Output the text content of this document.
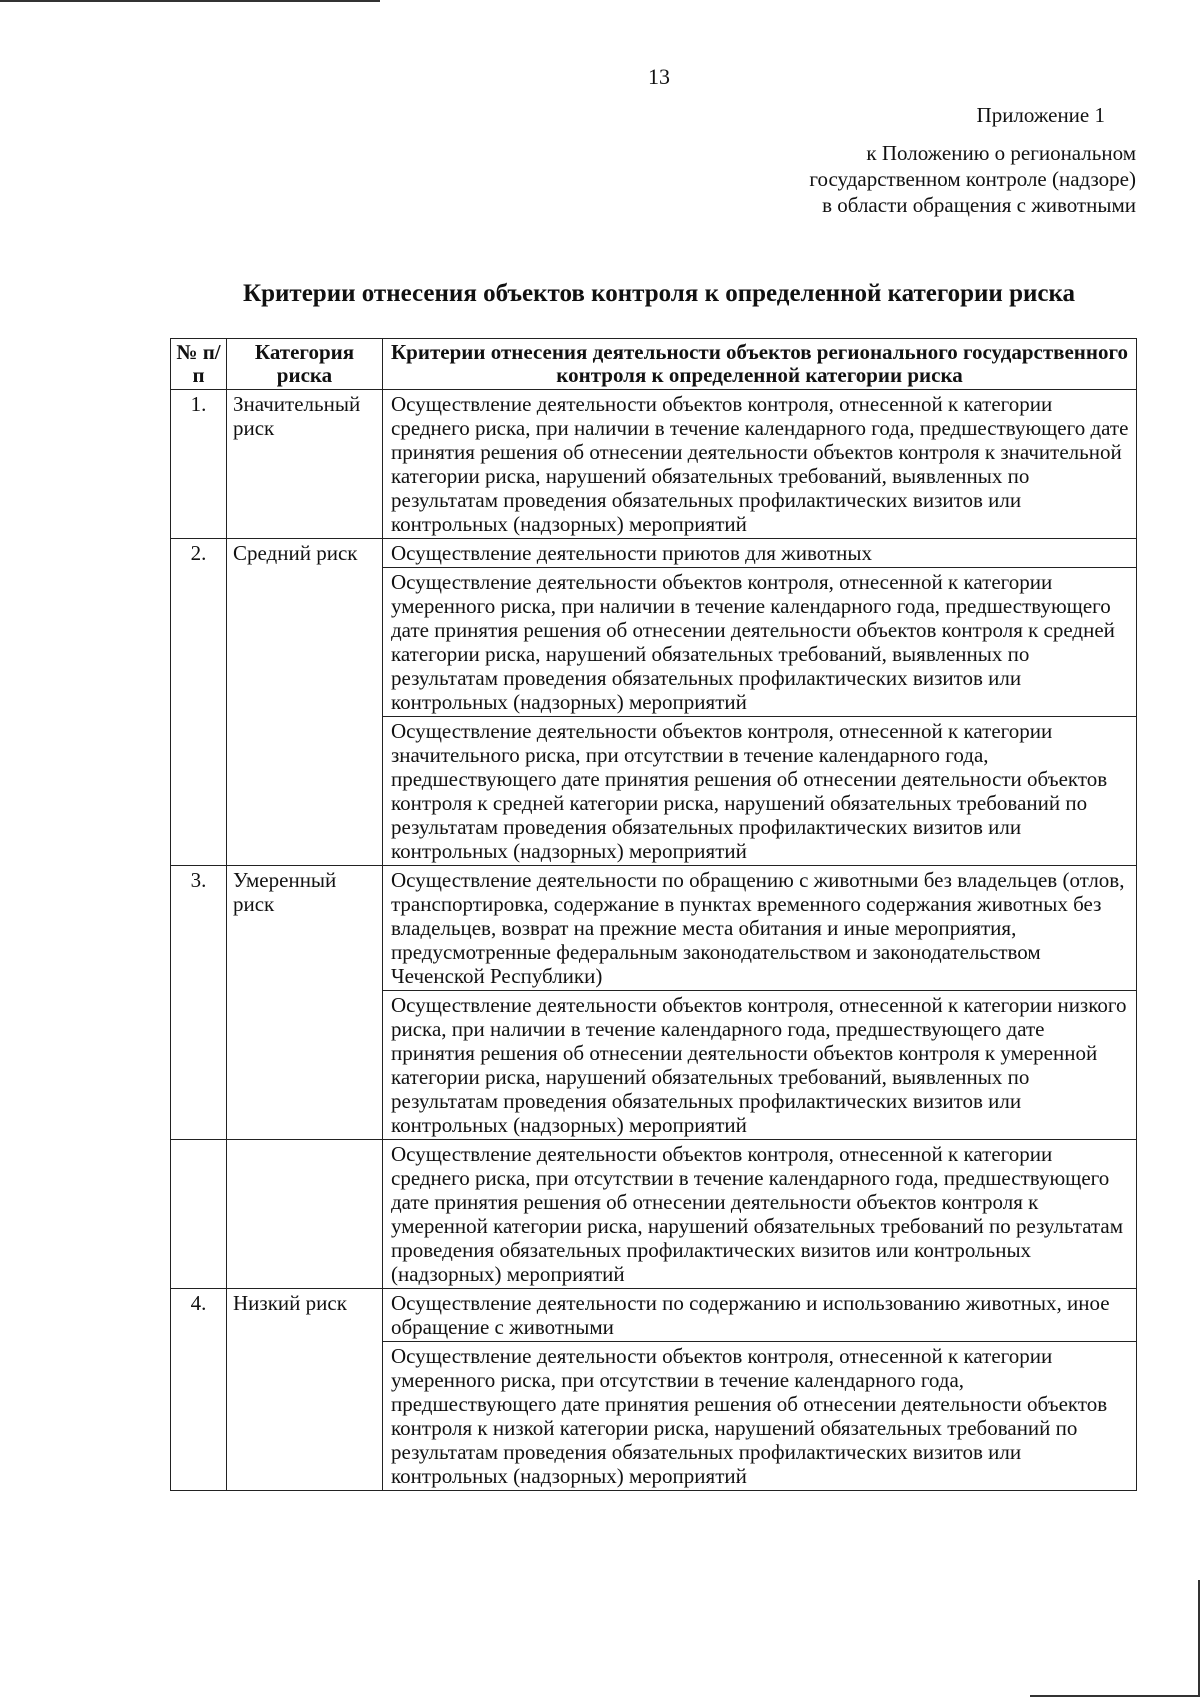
13
Приложение 1
к Положению о региональном
государственном контроле (надзоре)
в области обращения с животными
Критерии отнесения объектов контроля к определенной категории риска
№ п/п	Категория риска	Критерии отнесения деятельности объектов регионального государственного контроля к определенной категории риска
1.	Значительный риск	Осуществление деятельности объектов контроля, отнесенной к категории среднего риска, при наличии в течение календарного года, предшествующего дате принятия решения об отнесении деятельности объектов контроля к значительной категории риска, нарушений обязательных требований, выявленных по результатам проведения обязательных профилактических визитов или контрольных (надзорных) мероприятий
2.	Средний риск	Осуществление деятельности приютов для животных
		Осуществление деятельности объектов контроля, отнесенной к категории умеренного риска, при наличии в течение календарного года, предшествующего дате принятия решения об отнесении деятельности объектов контроля к средней категории риска, нарушений обязательных требований, выявленных по результатам проведения обязательных профилактических визитов или контрольных (надзорных) мероприятий
		Осуществление деятельности объектов контроля, отнесенной к категории значительного риска, при отсутствии в течение календарного года, предшествующего дате принятия решения об отнесении деятельности объектов контроля к средней категории риска, нарушений обязательных требований по результатам проведения обязательных профилактических визитов или контрольных (надзорных) мероприятий
3.	Умеренный риск	Осуществление деятельности по обращению с животными без владельцев (отлов, транспортировка, содержание в пунктах временного содержания животных без владельцев, возврат на прежние места обитания и иные мероприятия, предусмотренные федеральным законодательством и законодательством Чеченской Республики)
		Осуществление деятельности объектов контроля, отнесенной к категории низкого риска, при наличии в течение календарного года, предшествующего дате принятия решения об отнесении деятельности объектов контроля к умеренной категории риска, нарушений обязательных требований, выявленных по результатам проведения обязательных профилактических визитов или контрольных (надзорных) мероприятий
		Осуществление деятельности объектов контроля, отнесенной к категории среднего риска, при отсутствии в течение календарного года, предшествующего дате принятия решения об отнесении деятельности объектов контроля к умеренной категории риска, нарушений обязательных требований по результатам проведения обязательных профилактических визитов или контрольных (надзорных) мероприятий
4.	Низкий риск	Осуществление деятельности по содержанию и использованию животных, иное обращение с животными
		Осуществление деятельности объектов контроля, отнесенной к категории умеренного риска, при отсутствии в течение календарного года, предшествующего дате принятия решения об отнесении деятельности объектов контроля к низкой категории риска, нарушений обязательных требований по результатам проведения обязательных профилактических визитов или контрольных (надзорных) мероприятий
